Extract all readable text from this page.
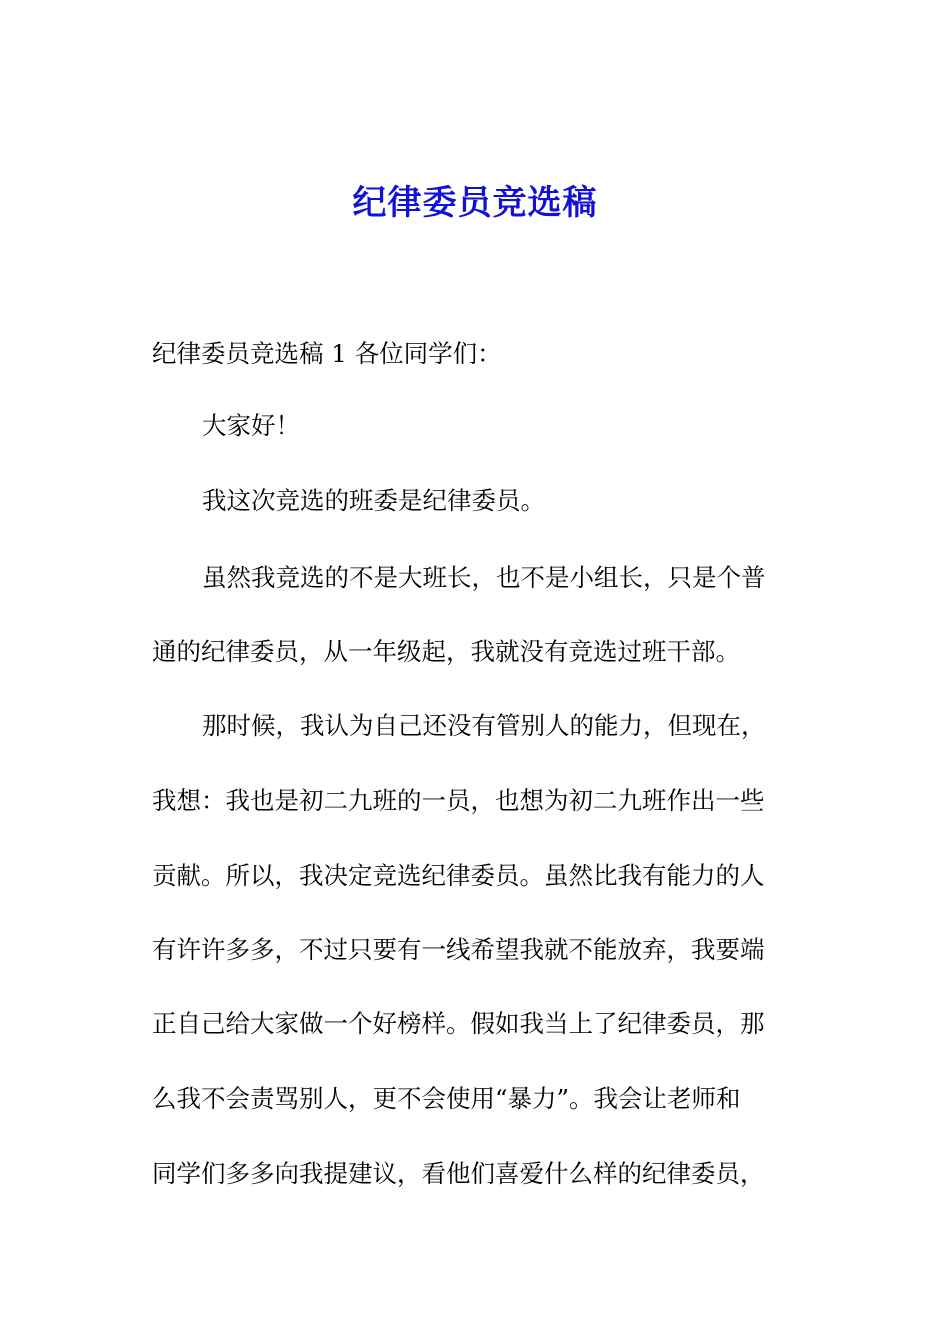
纪律委员竞选稿
纪律委员竞选稿 1 各位同学们：
大家好！
我这次竞选的班委是纪律委员。
虽然我竞选的不是大班长，也不是小组长，只是个普
通的纪律委员，从一年级起，我就没有竞选过班干部。
那时候，我认为自己还没有管别人的能力，但现在，
我想：我也是初二九班的一员，也想为初二九班作出一些
贡献。所以，我决定竞选纪律委员。虽然比我有能力的人
有许许多多，不过只要有一线希望我就不能放弃，我要端
正自己给大家做一个好榜样。假如我当上了纪律委员，那
么我不会责骂别人，更不会使用“暴力”。我会让老师和
同学们多多向我提建议，看他们喜爱什么样的纪律委员，
